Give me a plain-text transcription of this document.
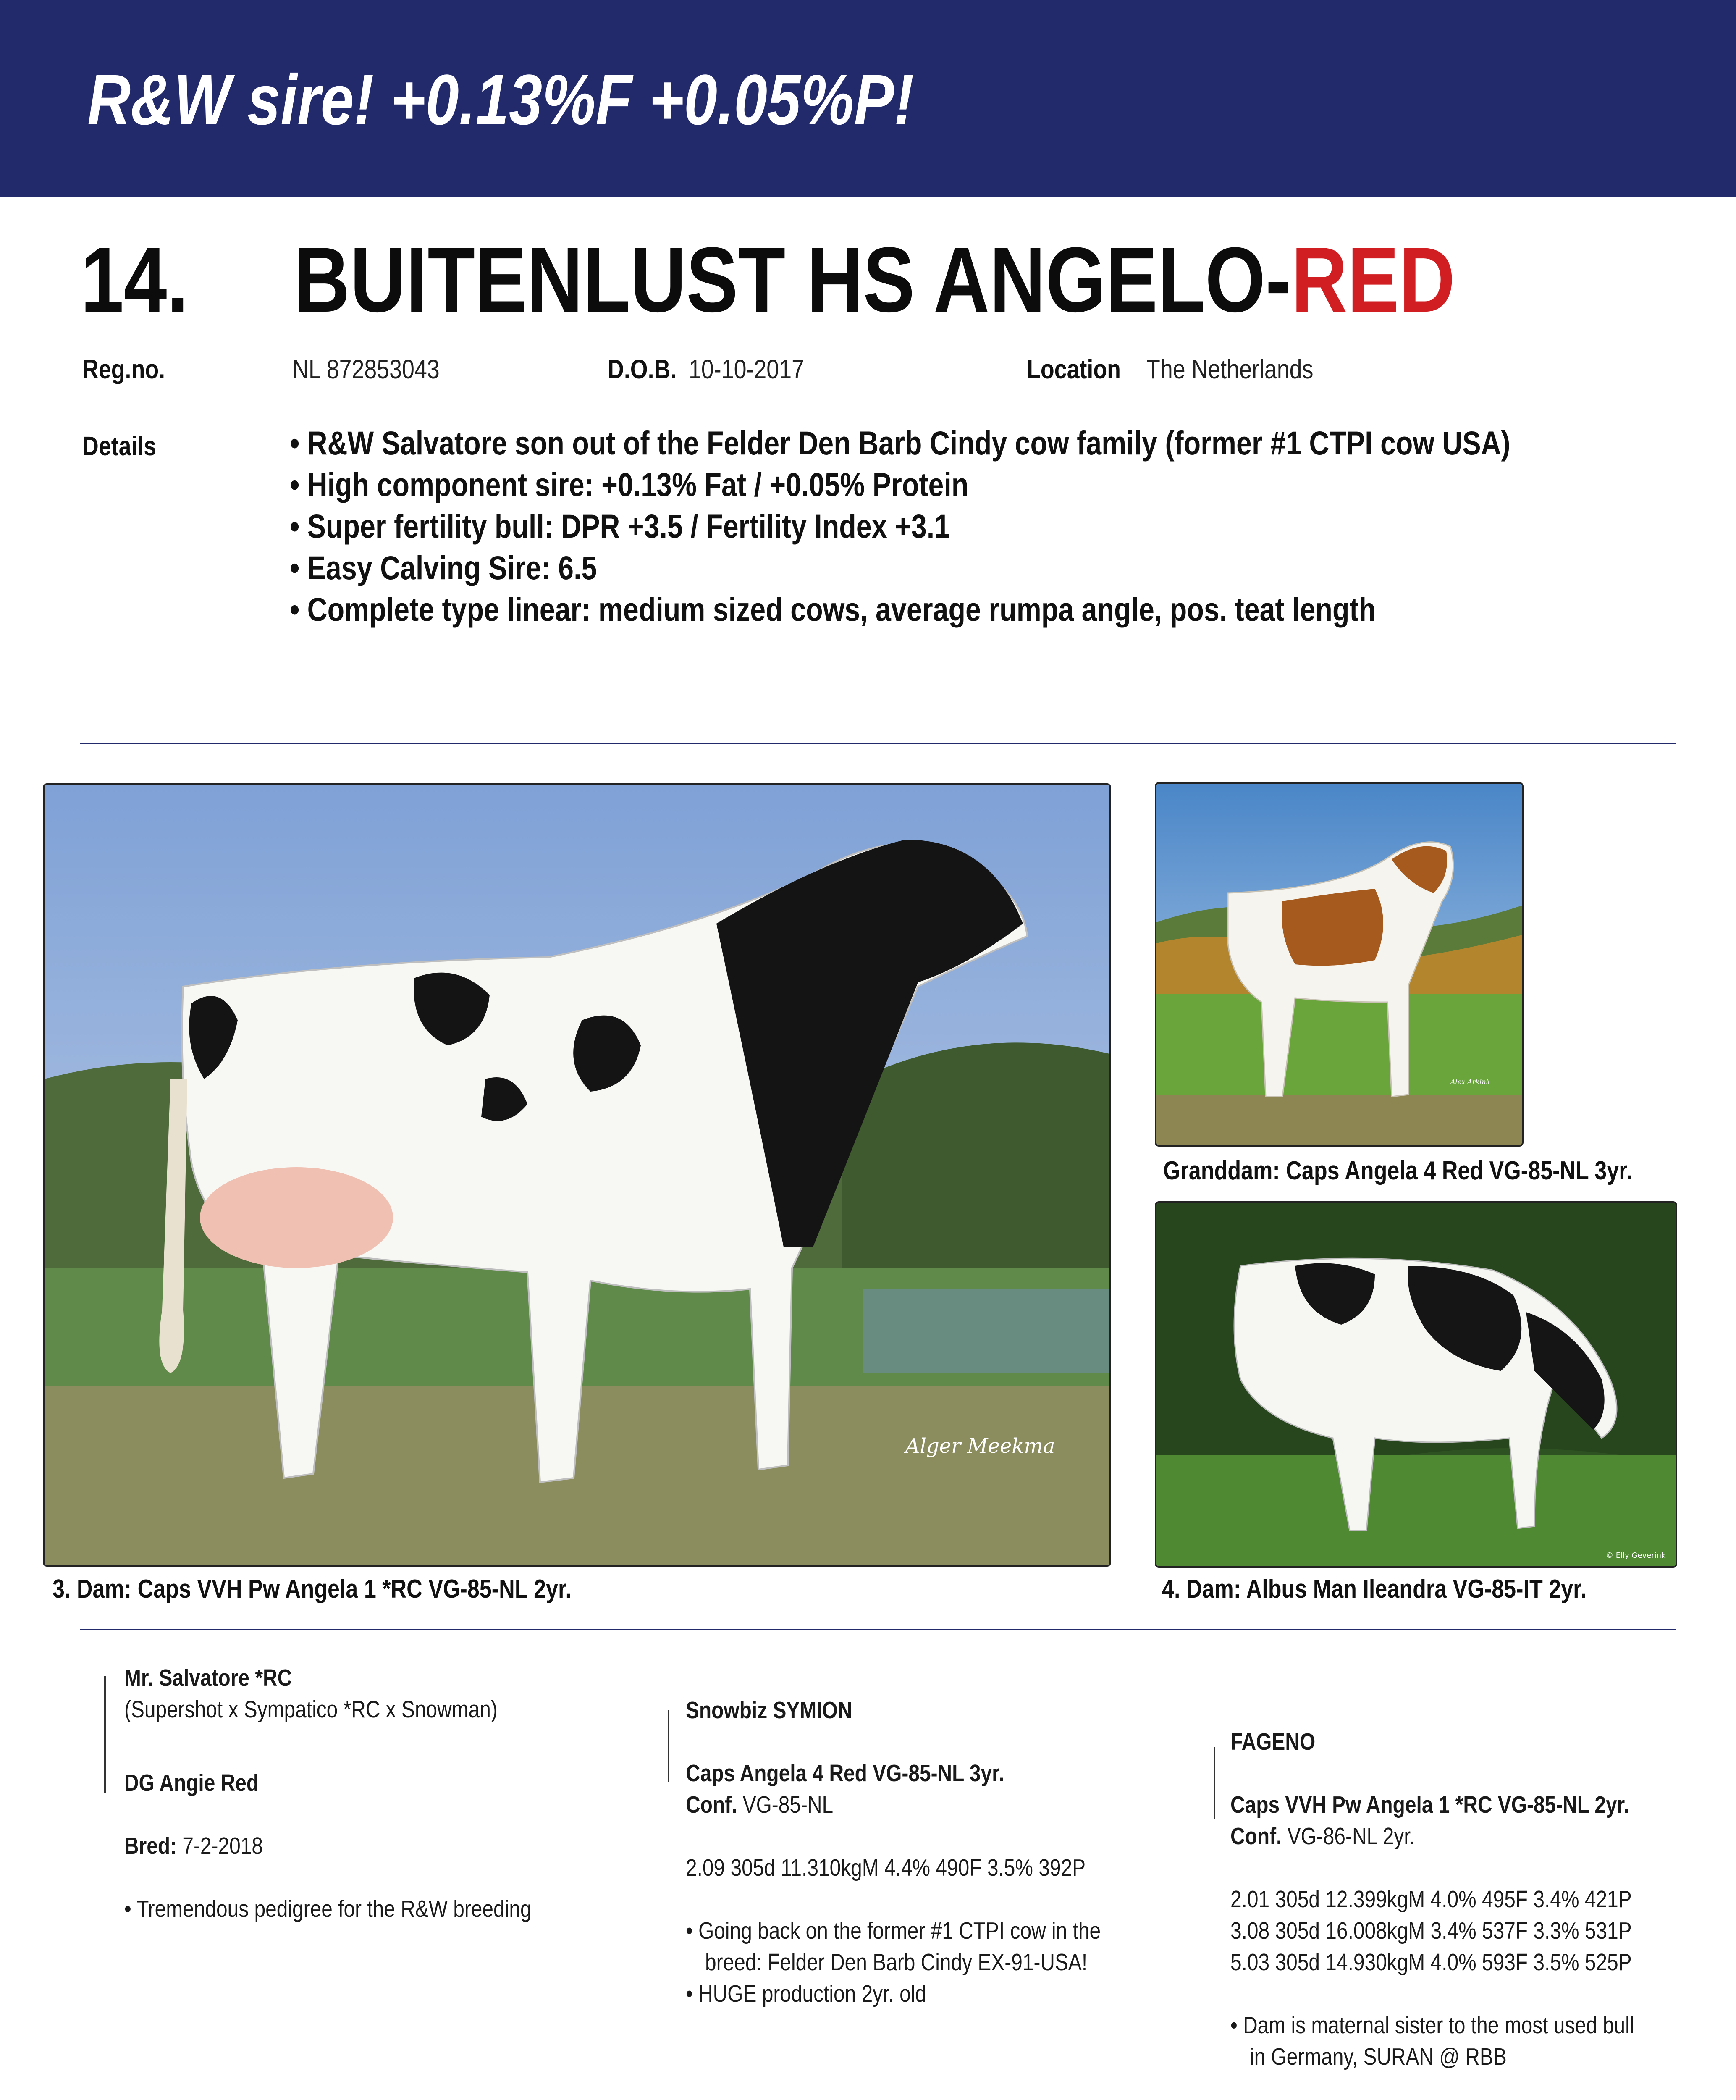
R&W sire! +0.13%F +0.05%P!
14. BUITENLUST HS ANGELO-RED
Reg.no.	NL 872853043	D.O.B. 10-10-2017	Location The Netherlands
Details	• R&W Salvatore son out of the Felder Den Barb Cindy cow family (former #1 CTPI cow USA)
• High component sire: +0.13% Fat / +0.05% Protein
• Super fertility bull: DPR +3.5 / Fertility Index +3.1
• Easy Calving Sire: 6.5
• Complete type linear: medium sized cows, average rumpa angle, pos. teat length
Alger Meekma
3. Dam: Caps VVH Pw Angela 1 *RC VG-85-NL 2yr.
Alex Arkink
Granddam: Caps Angela 4 Red VG-85-NL 3yr.
© Elly Geverink
4. Dam: Albus Man Ileandra VG-85-IT 2yr.
Mr. Salvatore *RC
(Supershot x Sympatico *RC x Snowman)
DG Angie Red
Bred: 7-2-2018
• Tremendous pedigree for the R&W breeding
Snowbiz SYMION
Caps Angela 4 Red VG-85-NL 3yr.
Conf. VG-85-NL
2.09 305d 11.310kgM 4.4% 490F 3.5% 392P
• Going back on the former #1 CTPI cow in the
breed: Felder Den Barb Cindy EX-91-USA!
• HUGE production 2yr. old
FAGENO
Caps VVH Pw Angela 1 *RC VG-85-NL 2yr.
Conf. VG-86-NL 2yr.
2.01 305d 12.399kgM 4.0% 495F 3.4% 421P
3.08 305d 16.008kgM 3.4% 537F 3.3% 531P
5.03 305d 14.930kgM 4.0% 593F 3.5% 525P
• Dam is maternal sister to the most used bull
in Germany, SURAN @ RBB
